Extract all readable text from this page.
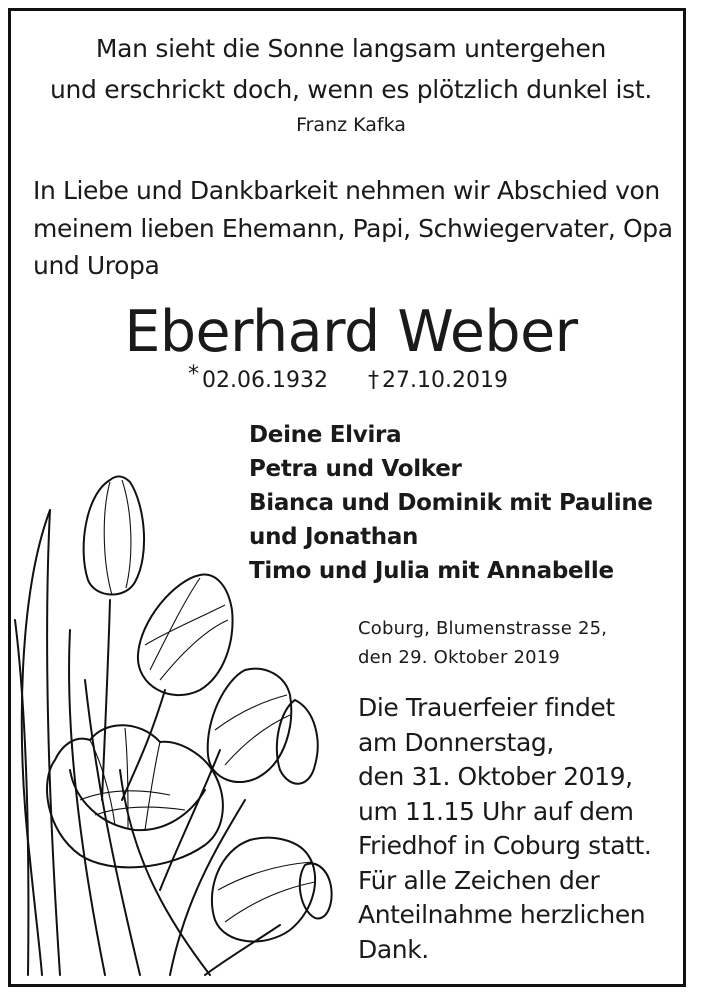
Man sieht die Sonne langsam untergehen
und erschrickt doch, wenn es plötzlich dunkel ist.
Franz Kafka
In Liebe und Dankbarkeit nehmen wir Abschied von
meinem lieben Ehemann, Papi, Schwiegervater, Opa
und Uropa
Eberhard Weber
* 02.06.1932 † 27.10.2019
Deine Elvira
Petra und Volker
Bianca und Dominik mit Pauline
und Jonathan
Timo und Julia mit Annabelle
Coburg, Blumenstrasse 25,
den 29. Oktober 2019
Die Trauerfeier findet
am Donnerstag,
den 31. Oktober 2019,
um 11.15 Uhr auf dem
Friedhof in Coburg statt.
Für alle Zeichen der
Anteilnahme herzlichen
Dank.
